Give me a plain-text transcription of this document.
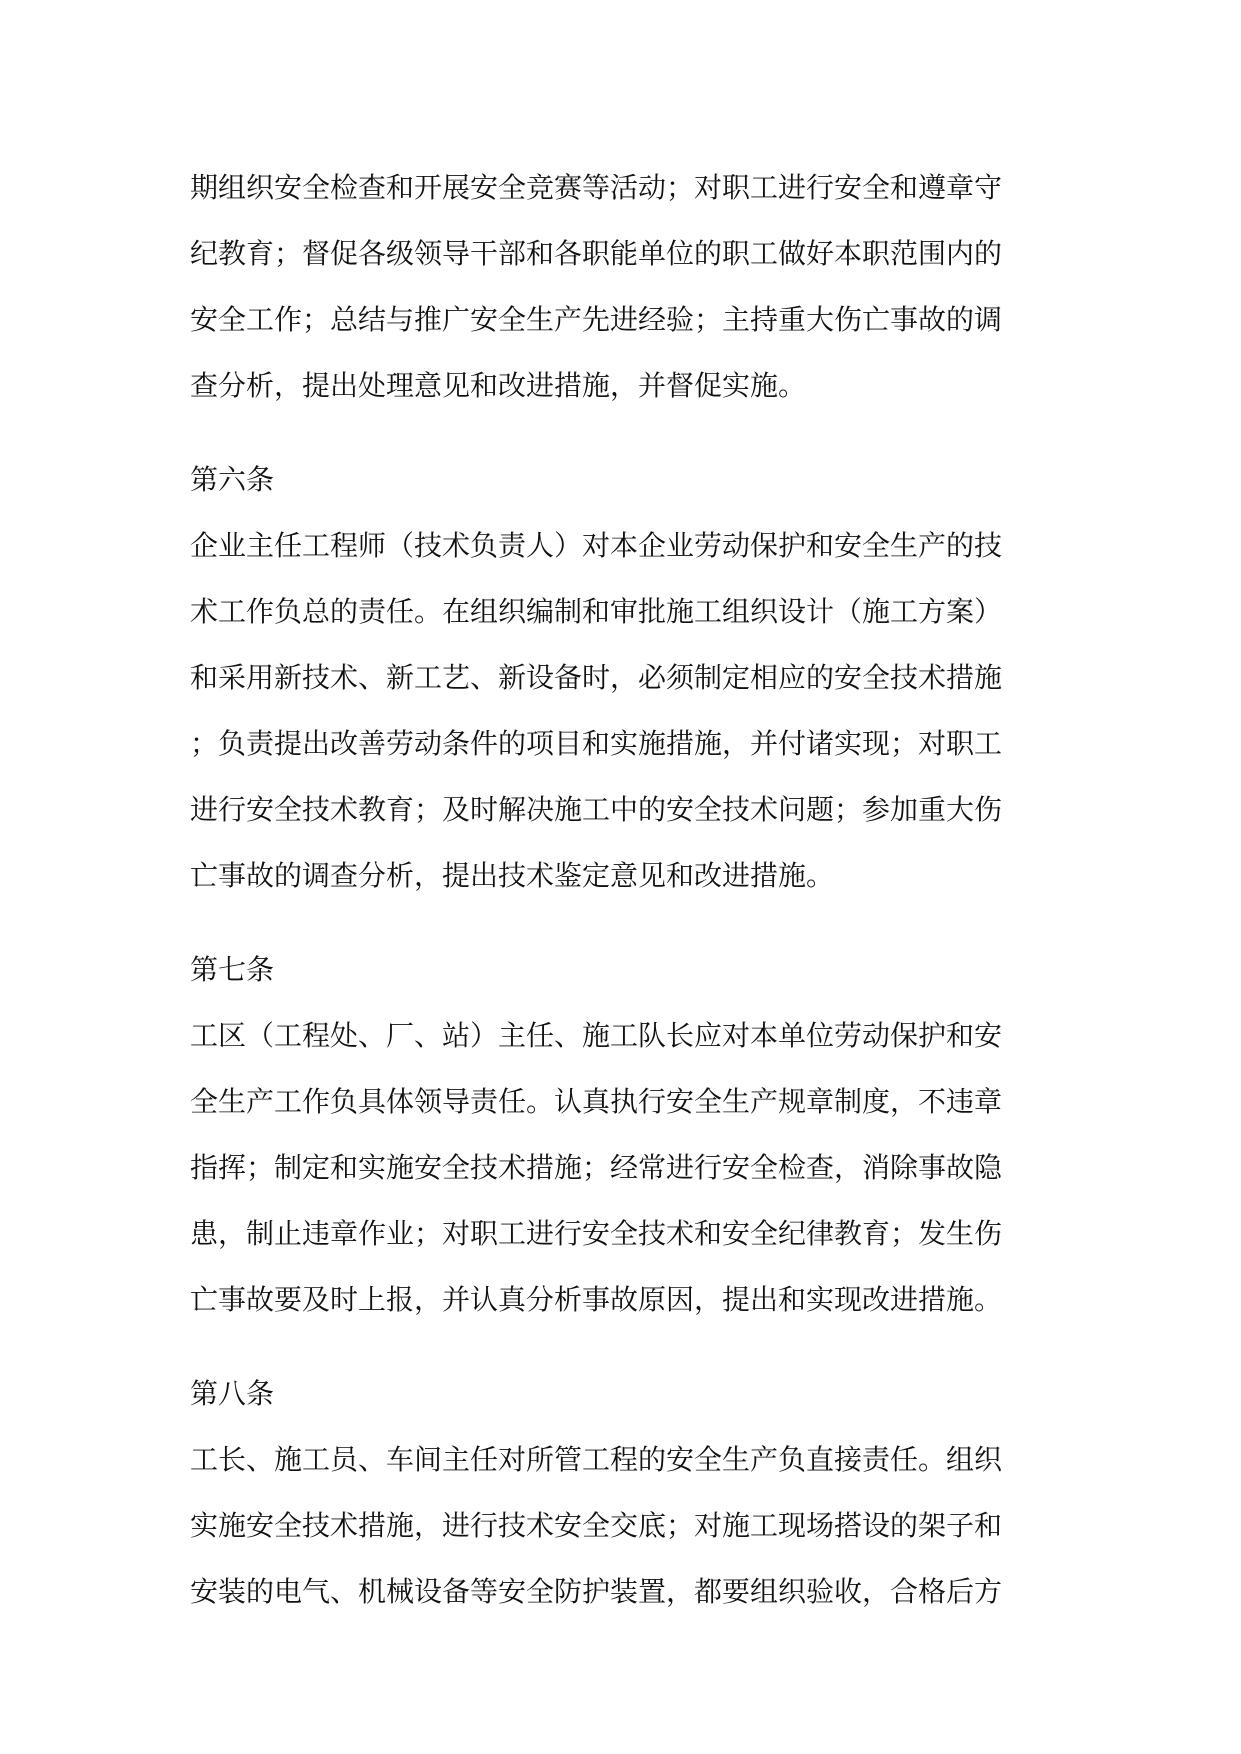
期组织安全检查和开展安全竞赛等活动；对职工进行安全和遵章守
纪教育；督促各级领导干部和各职能单位的职工做好本职范围内的
安全工作；总结与推广安全生产先进经验；主持重大伤亡事故的调
查分析，提出处理意见和改进措施，并督促实施。
第六条
企业主任工程师（技术负责人）对本企业劳动保护和安全生产的技
术工作负总的责任。在组织编制和审批施工组织设计（施工方案）
和采用新技术、新工艺、新设备时，必须制定相应的安全技术措施
；负责提出改善劳动条件的项目和实施措施，并付诸实现；对职工
进行安全技术教育；及时解决施工中的安全技术问题；参加重大伤
亡事故的调查分析，提出技术鉴定意见和改进措施。
第七条
工区（工程处、厂、站）主任、施工队长应对本单位劳动保护和安
全生产工作负具体领导责任。认真执行安全生产规章制度，不违章
指挥；制定和实施安全技术措施；经常进行安全检查，消除事故隐
患，制止违章作业；对职工进行安全技术和安全纪律教育；发生伤
亡事故要及时上报，并认真分析事故原因，提出和实现改进措施。
第八条
工长、施工员、车间主任对所管工程的安全生产负直接责任。组织
实施安全技术措施，进行技术安全交底；对施工现场搭设的架子和
安装的电气、机械设备等安全防护装置，都要组织验收，合格后方
